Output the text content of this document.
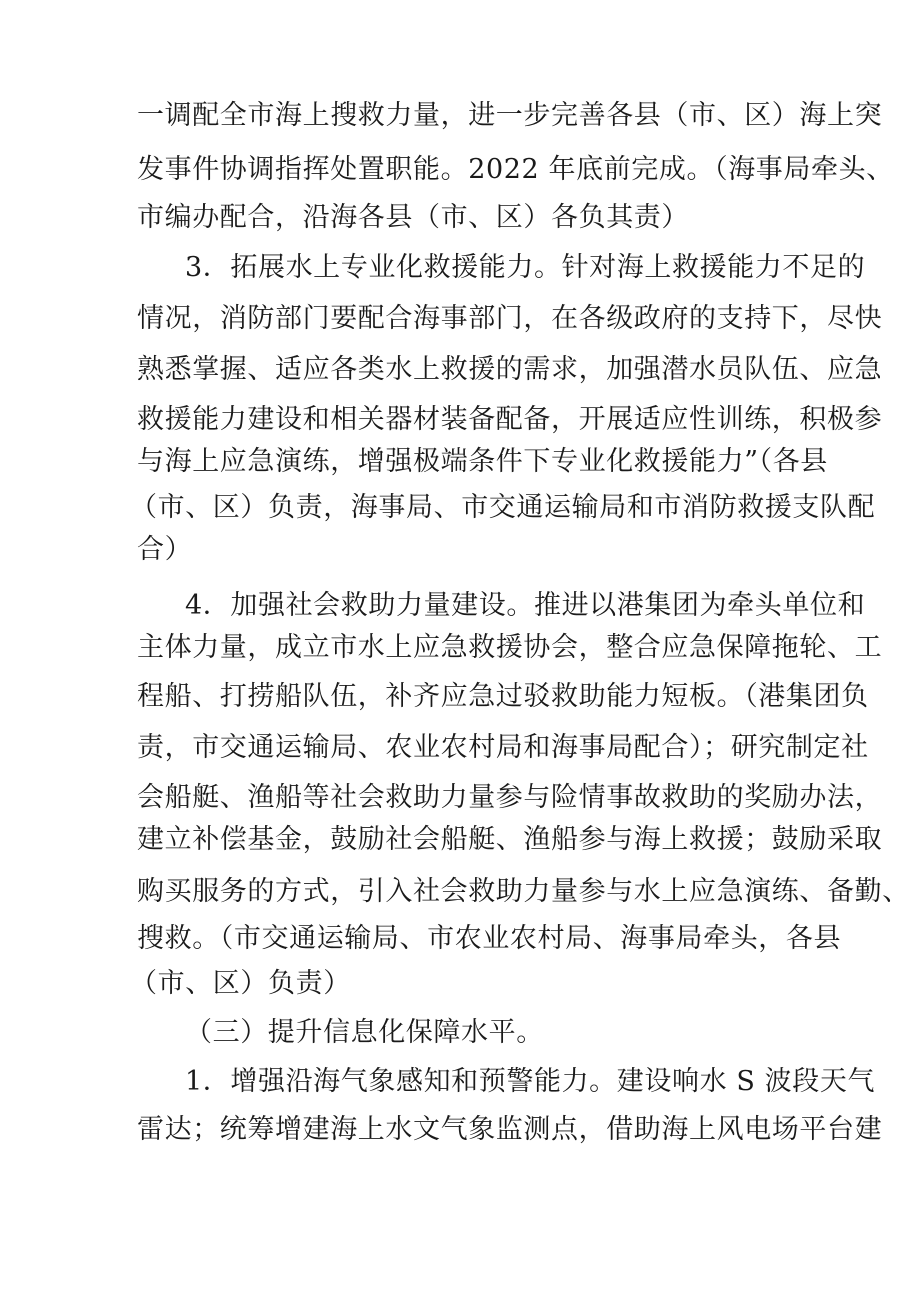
一调配全市海上搜救力量，进一步完善各县（市、区）海上突
发事件协调指挥处置职能。2022 年底前完成。（海事局牵头、
市编办配合，沿海各县（市、区）各负其责）
3．拓展水上专业化救援能力。针对海上救援能力不足的
情况，消防部门要配合海事部门，在各级政府的支持下，尽快
熟悉掌握、适应各类水上救援的需求，加强潜水员队伍、应急
救援能力建设和相关器材装备配备，开展适应性训练，积极参
与海上应急演练，增强极端条件下专业化救援能力”（各县
（市、区）负责，海事局、市交通运输局和市消防救援支队配
合）
4．加强社会救助力量建设。推进以港集团为牵头单位和
主体力量，成立市水上应急救援协会，整合应急保障拖轮、工
程船、打捞船队伍，补齐应急过驳救助能力短板。（港集团负
责，市交通运输局、农业农村局和海事局配合）；研究制定社
会船艇、渔船等社会救助力量参与险情事故救助的奖励办法，
建立补偿基金，鼓励社会船艇、渔船参与海上救援；鼓励采取
购买服务的方式，引入社会救助力量参与水上应急演练、备勤、
搜救。（市交通运输局、市农业农村局、海事局牵头，各县
（市、区）负责）
（三）提升信息化保障水平。
1．增强沿海气象感知和预警能力。建设响水 S 波段天气
雷达；统筹增建海上水文气象监测点，借助海上风电场平台建
